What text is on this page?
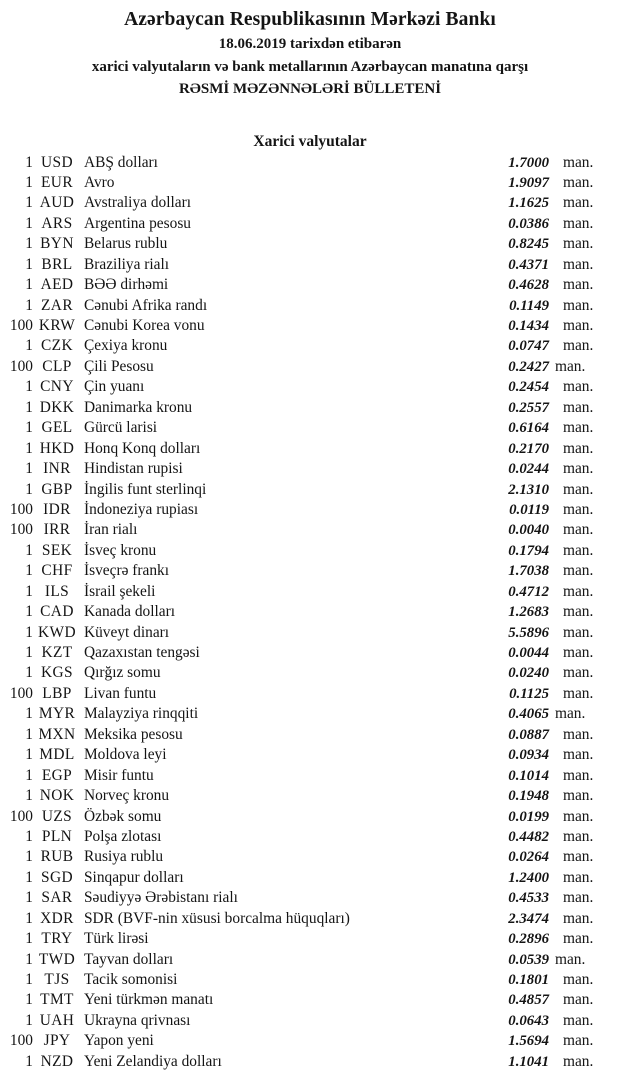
Azərbaycan Respublikasının Mərkəzi Bankı
18.06.2019 tarixdən etibarən
xarici valyutaların və bank metallarının Azərbaycan manatına qarşı
RƏSMİ MƏZƏNNƏLƏRİ BÜLLETENİ
Xarici valyutalar
1 USD ABŞ dolları	1.7000 man.
1 EUR Avro	1.9097 man.
1 AUD Avstraliya dolları	1.1625 man.
1 ARS Argentina pesosu	0.0386 man.
1 BYN Belarus rublu	0.8245 man.
1 BRL Braziliya rialı	0.4371 man.
1 AED BƏƏ dirhəmi	0.4628 man.
1 ZAR Cənubi Afrika randı	0.1149 man.
100 KRW Cənubi Korea vonu	0.1434 man.
1 CZK Çexiya kronu	0.0747 man.
100 CLP Çili Pesosu	0.2427 man.
1 CNY Çin yuanı	0.2454 man.
1 DKK Danimarka kronu	0.2557 man.
1 GEL Gürcü larisi	0.6164 man.
1 HKD Honq Konq dolları	0.2170 man.
1 INR Hindistan rupisi	0.0244 man.
1 GBP İngilis funt sterlinqi	2.1310 man.
100 IDR İndoneziya rupiası	0.0119 man.
100 IRR İran rialı	0.0040 man.
1 SEK İsveç kronu	0.1794 man.
1 CHF İsveçrə frankı	1.7038 man.
1 ILS İsrail şekeli	0.4712 man.
1 CAD Kanada dolları	1.2683 man.
1 KWD Küveyt dinarı	5.5896 man.
1 KZT Qazaxıstan tengəsi	0.0044 man.
1 KGS Qırğız somu	0.0240 man.
100 LBP Livan funtu	0.1125 man.
1 MYR Malayziya rinqqiti	0.4065 man.
1 MXN Meksika pesosu	0.0887 man.
1 MDL Moldova leyi	0.0934 man.
1 EGP Misir funtu	0.1014 man.
1 NOK Norveç kronu	0.1948 man.
100 UZS Özbək somu	0.0199 man.
1 PLN Polşa zlotası	0.4482 man.
1 RUB Rusiya rublu	0.0264 man.
1 SGD Sinqapur dolları	1.2400 man.
1 SAR Səudiyyə Ərəbistanı rialı	0.4533 man.
1 XDR SDR (BVF-nin xüsusi borcalma hüquqları)	2.3474 man.
1 TRY Türk lirəsi	0.2896 man.
1 TWD Tayvan dolları	0.0539 man.
1 TJS Tacik somonisi	0.1801 man.
1 TMT Yeni türkmən manatı	0.4857 man.
1 UAH Ukrayna qrivnası	0.0643 man.
100 JPY Yapon yeni	1.5694 man.
1 NZD Yeni Zelandiya dolları	1.1041 man.
